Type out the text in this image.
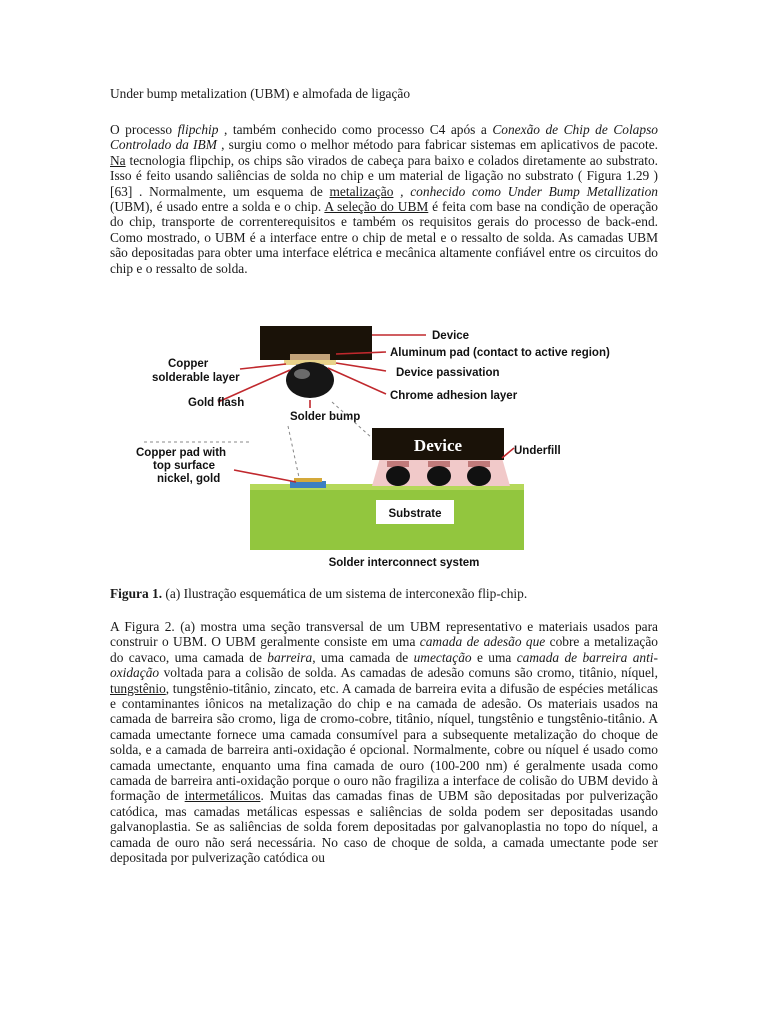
Under bump metalization (UBM) e almofada de ligação
O processo flipchip , também conhecido como processo C4 após a Conexão de Chip de Colapso Controlado da IBM , surgiu como o melhor método para fabricar sistemas em aplicativos de pacote. Na tecnologia flipchip, os chips são virados de cabeça para baixo e colados diretamente ao substrato. Isso é feito usando saliências de solda no chip e um material de ligação no substrato ( Figura 1.29 ) [63] . Normalmente, um esquema de metalização , conhecido como Under Bump Metallization (UBM), é usado entre a solda e o chip. A seleção do UBM é feita com base na condição de operação do chip, transporte de correnterequisitos e também os requisitos gerais do processo de back-end. Como mostrado, o UBM é a interface entre o chip de metal e o ressalto de solda. As camadas UBM são depositadas para obter uma interface elétrica e mecânica altamente confiável entre os circuitos do chip e o ressalto de solda.
Device
Aluminum pad (contact to active region)
Device passivation
Chrome adhesion layer
Copper
solderable layer
Gold flash
Solder bump
Substrate
Device	Underfill
Copper pad with
top surface
nickel, gold
Solder interconnect system
Figura 1. (a) Ilustração esquemática de um sistema de interconexão flip-chip.
A Figura 2. (a) mostra uma seção transversal de um UBM representativo e materiais usados para construir o UBM. O UBM geralmente consiste em uma camada de adesão que cobre a metalização do cavaco, uma camada de barreira, uma camada de umectação e uma camada de barreira anti-oxidação voltada para a colisão de solda. As camadas de adesão comuns são cromo, titânio, níquel, tungstênio, tungstênio-titânio, zincato, etc. A camada de barreira evita a difusão de espécies metálicas e contaminantes iônicos na metalização do chip e na camada de adesão. Os materiais usados na camada de barreira são cromo, liga de cromo-cobre, titânio, níquel, tungstênio e tungstênio-titânio. A camada umectante fornece uma camada consumível para a subsequente metalização do choque de solda, e a camada de barreira anti-oxidação é opcional. Normalmente, cobre ou níquel é usado como camada umectante, enquanto uma fina camada de ouro (100-200 nm) é geralmente usada como camada de barreira anti-oxidação porque o ouro não fragiliza a interface de colisão do UBM devido à formação de intermetálicos. Muitas das camadas finas de UBM são depositadas por pulverização catódica, mas camadas metálicas espessas e saliências de solda podem ser depositadas usando galvanoplastia. Se as saliências de solda forem depositadas por galvanoplastia no topo do níquel, a camada de ouro não será necessária. No caso de choque de solda, a camada umectante pode ser depositada por pulverização catódica ou
